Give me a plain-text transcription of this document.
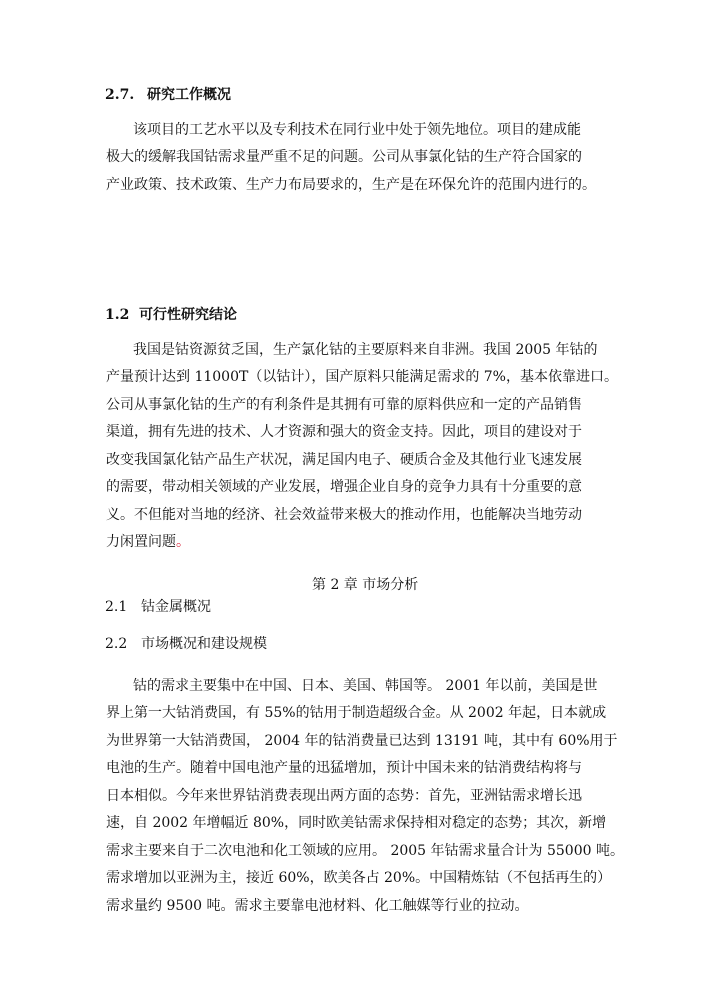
2.7. 研究工作概况
该项目的工艺水平以及专利技术在同行业中处于领先地位。项目的建成能
极大的缓解我国钴需求量严重不足的问题。公司从事氯化钴的生产符合国家的
产业政策、技术政策、生产力布局要求的，生产是在环保允许的范围内进行的。
1.2 可行性研究结论
我国是钴资源贫乏国，生产氯化钴的主要原料来自非洲。我国 2005 年钴的
产量预计达到 11000T（以钴计），国产原料只能满足需求的 7%，基本依靠进口。
公司从事氯化钴的生产的有利条件是其拥有可靠的原料供应和一定的产品销售
渠道，拥有先进的技术、人才资源和强大的资金支持。因此，项目的建设对于
改变我国氯化钴产品生产状况，满足国内电子、硬质合金及其他行业飞速发展
的需要，带动相关领域的产业发展，增强企业自身的竞争力具有十分重要的意
义。不但能对当地的经济、社会效益带来极大的推动作用，也能解决当地劳动
力闲置问题。
第 2 章 市场分析
2.1 钴金属概况
2.2 市场概况和建设规模
钴的需求主要集中在中国、日本、美国、韩国等。 2001 年以前，美国是世
界上第一大钴消费国，有 55%的钴用于制造超级合金。从 2002 年起，日本就成
为世界第一大钴消费国， 2004 年的钴消费量已达到 13191 吨，其中有 60%用于
电池的生产。随着中国电池产量的迅猛增加，预计中国未来的钴消费结构将与
日本相似。今年来世界钴消费表现出两方面的态势：首先，亚洲钴需求增长迅
速，自 2002 年增幅近 80%，同时欧美钴需求保持相对稳定的态势；其次，新增
需求主要来自于二次电池和化工领域的应用。 2005 年钴需求量合计为 55000 吨。
需求增加以亚洲为主，接近 60%，欧美各占 20%。中国精炼钴（不包括再生的）
需求量约 9500 吨。需求主要靠电池材料、化工触媒等行业的拉动。
